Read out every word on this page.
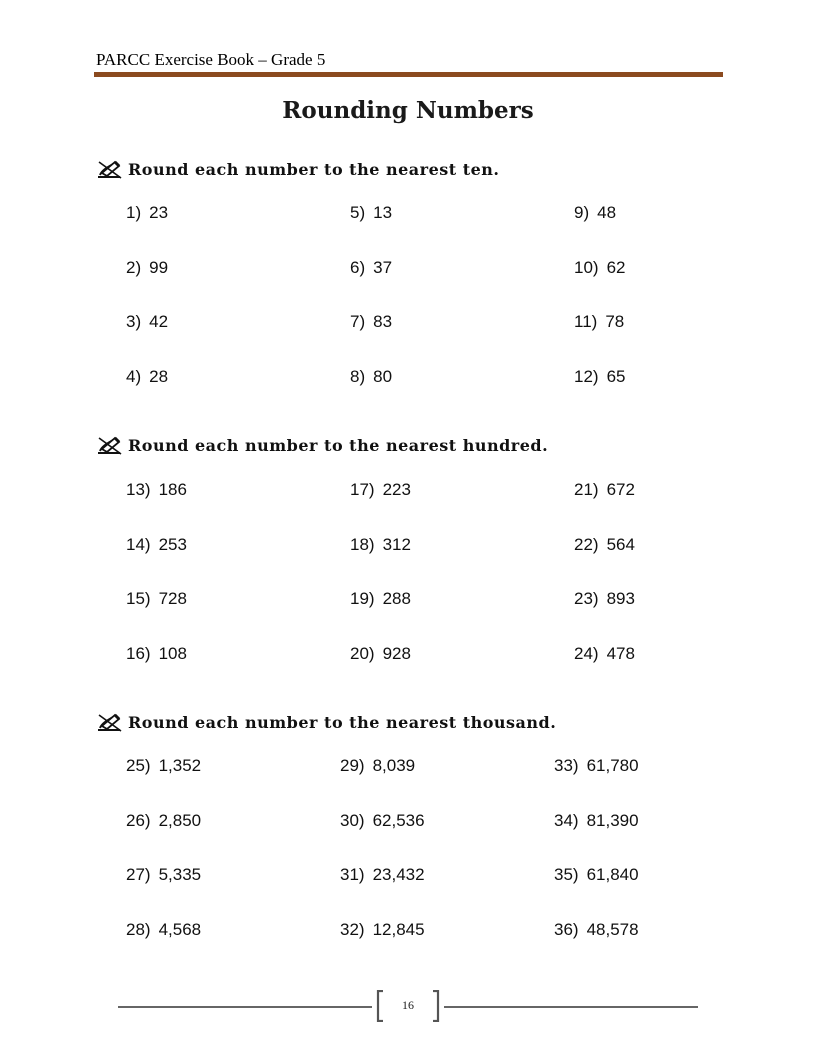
PARCC Exercise Book – Grade 5
Rounding Numbers
Round each number to the nearest ten.
1) 23
2) 99
3) 42
4) 28
5) 13
6) 37
7) 83
8) 80
9) 48
10) 62
11) 78
12) 65
Round each number to the nearest hundred.
13) 186
14) 253
15) 728
16) 108
17) 223
18) 312
19) 288
20) 928
21) 672
22) 564
23) 893
24) 478
Round each number to the nearest thousand.
25) 1,352
26) 2,850
27) 5,335
28) 4,568
29) 8,039
30) 62,536
31) 23,432
32) 12,845
33) 61,780
34) 81,390
35) 61,840
36) 48,578
16
